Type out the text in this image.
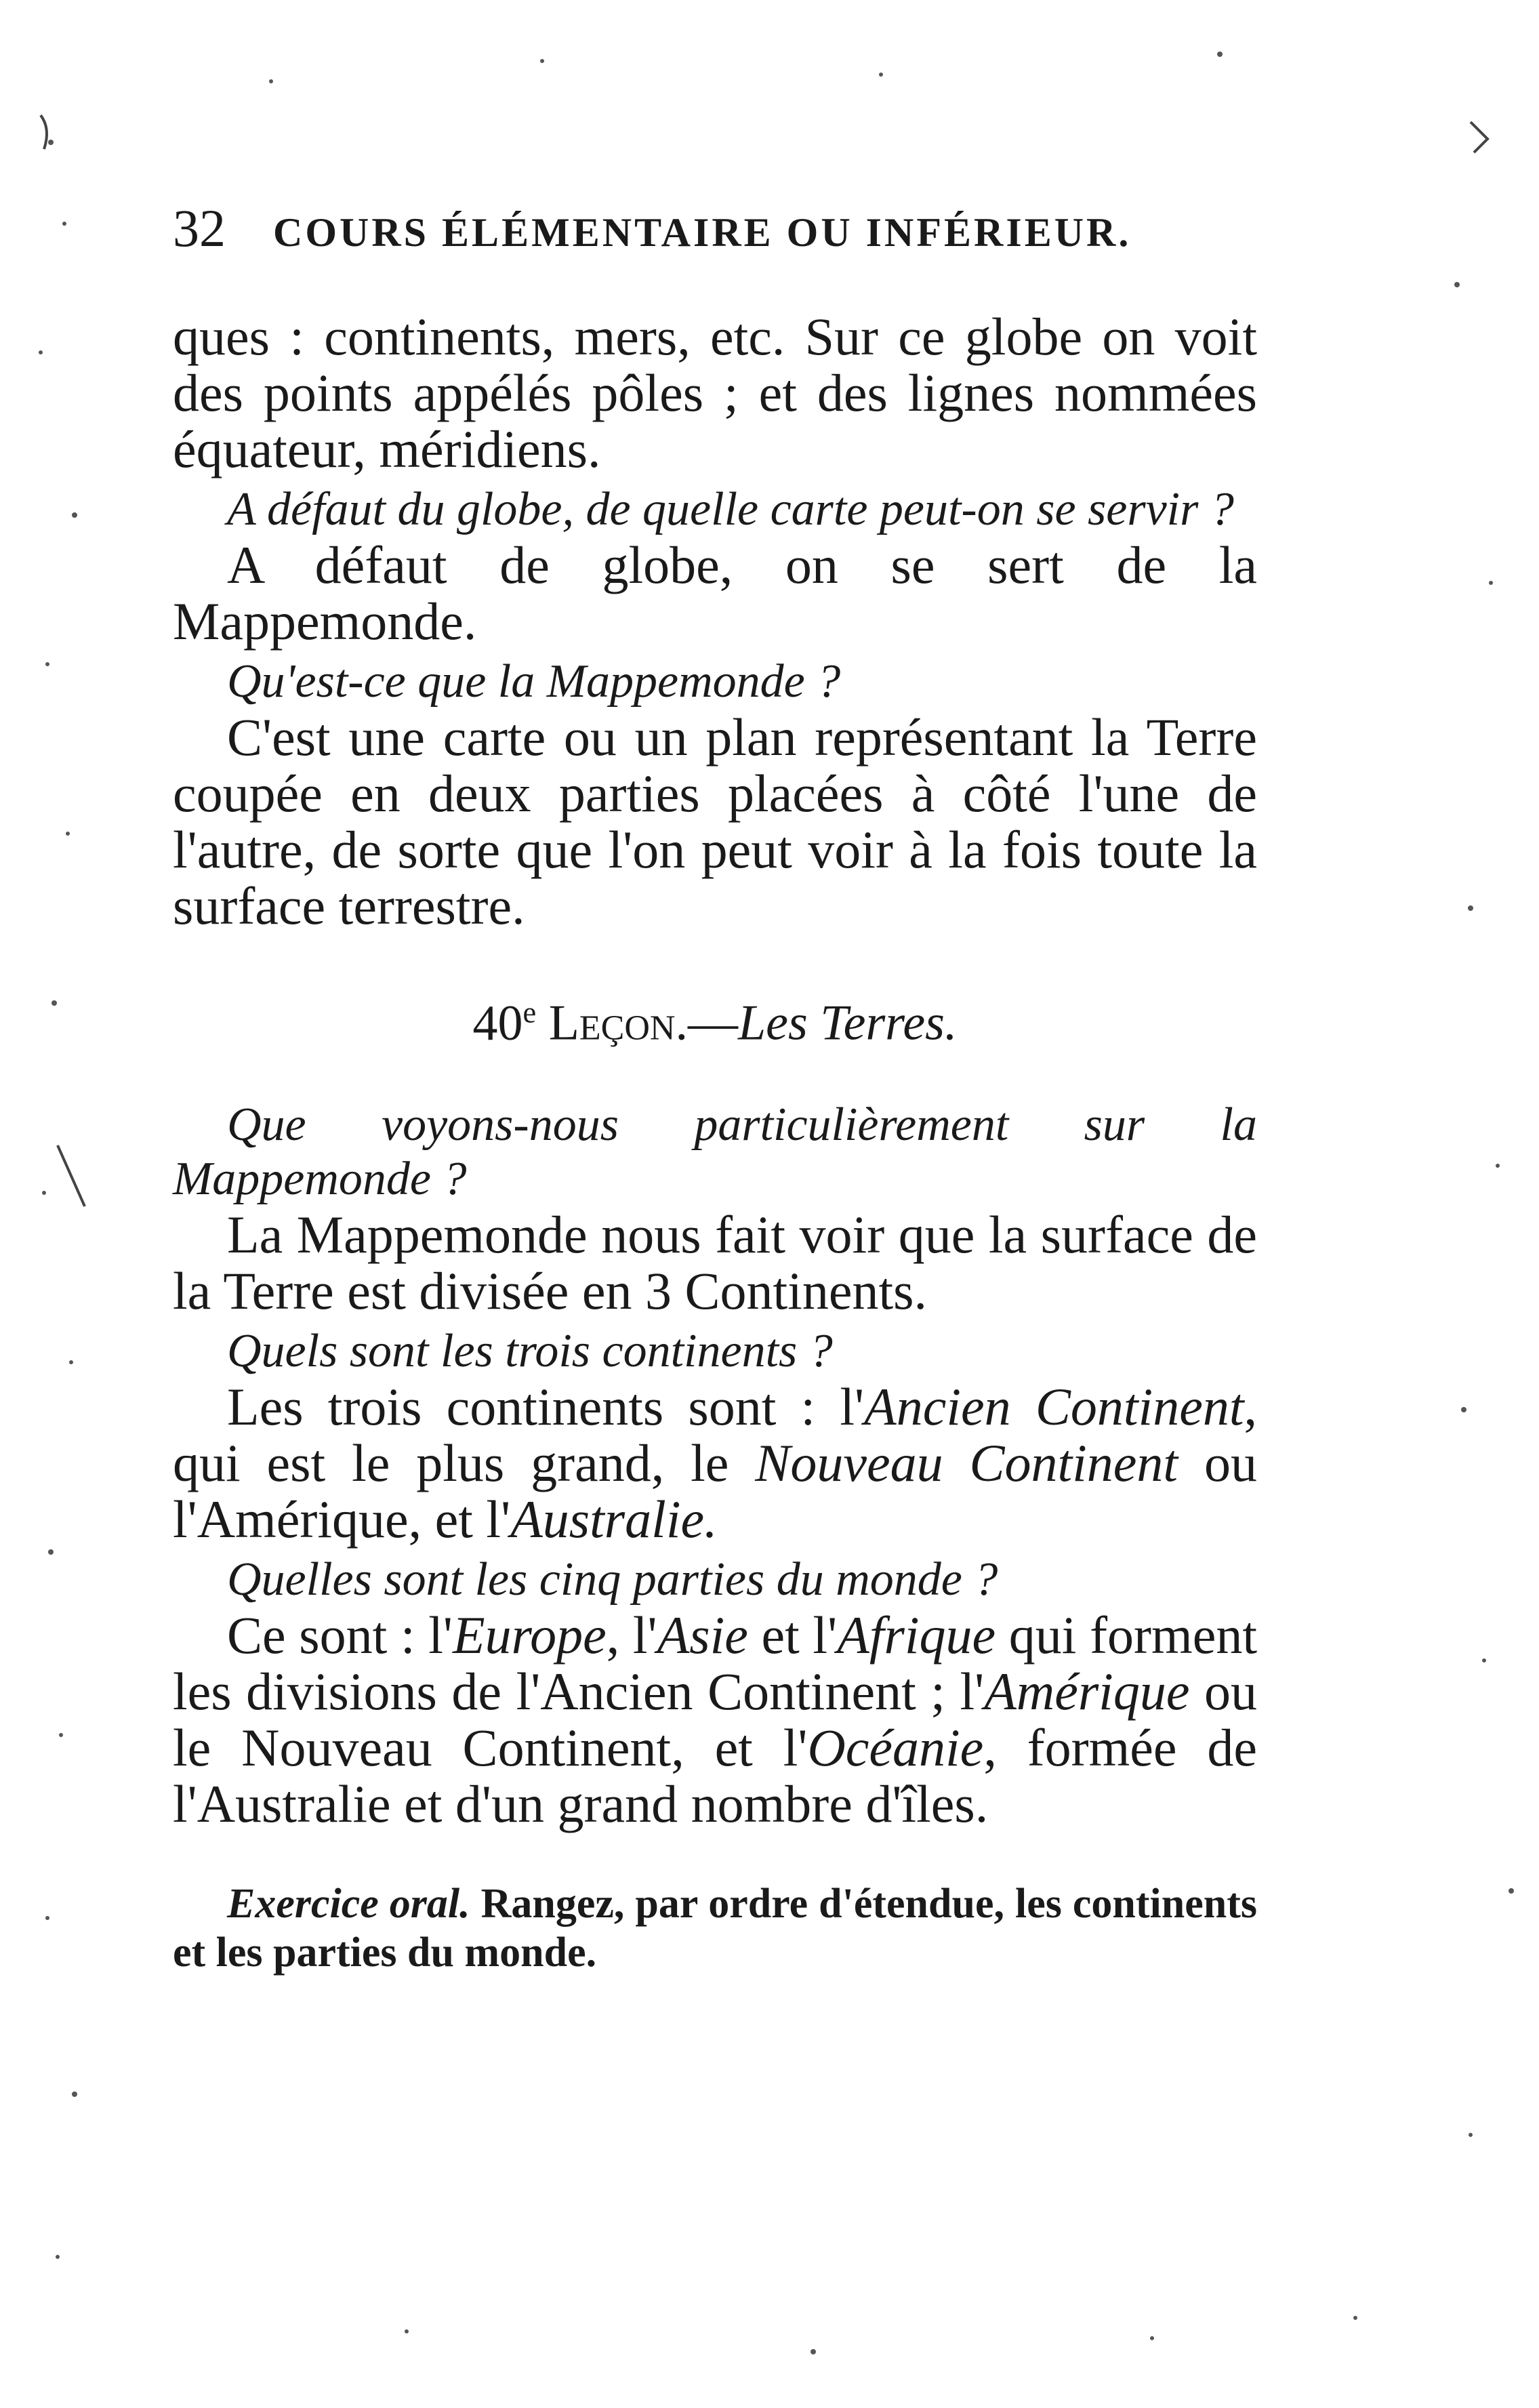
32 COURS ÉLÉMENTAIRE OU INFÉRIEUR.

ques : continents, mers, etc. Sur ce globe on voit des points appélés pôles ; et des lignes nommées équateur, méridiens.

A défaut du globe, de quelle carte peut-on se servir ?

A défaut de globe, on se sert de la Mappemonde.

Qu'est-ce que la Mappemonde ?

C'est une carte ou un plan représentant la Terre coupée en deux parties placées à côté l'une de l'autre, de sorte que l'on peut voir à la fois toute la surface terrestre.

40e Leçon.—Les Terres.

Que voyons-nous particulièrement sur la Mappemonde ?

La Mappemonde nous fait voir que la surface de la Terre est divisée en 3 Continents.

Quels sont les trois continents ?

Les trois continents sont : l'Ancien Continent, qui est le plus grand, le Nouveau Continent ou l'Amérique, et l'Australie.

Quelles sont les cinq parties du monde ?

Ce sont : l'Europe, l'Asie et l'Afrique qui forment les divisions de l'Ancien Continent ; l'Amérique ou le Nouveau Continent, et l'Océanie, formée de l'Australie et d'un grand nombre d'îles.

Exercice oral. Rangez, par ordre d'étendue, les continents et les parties du monde.
